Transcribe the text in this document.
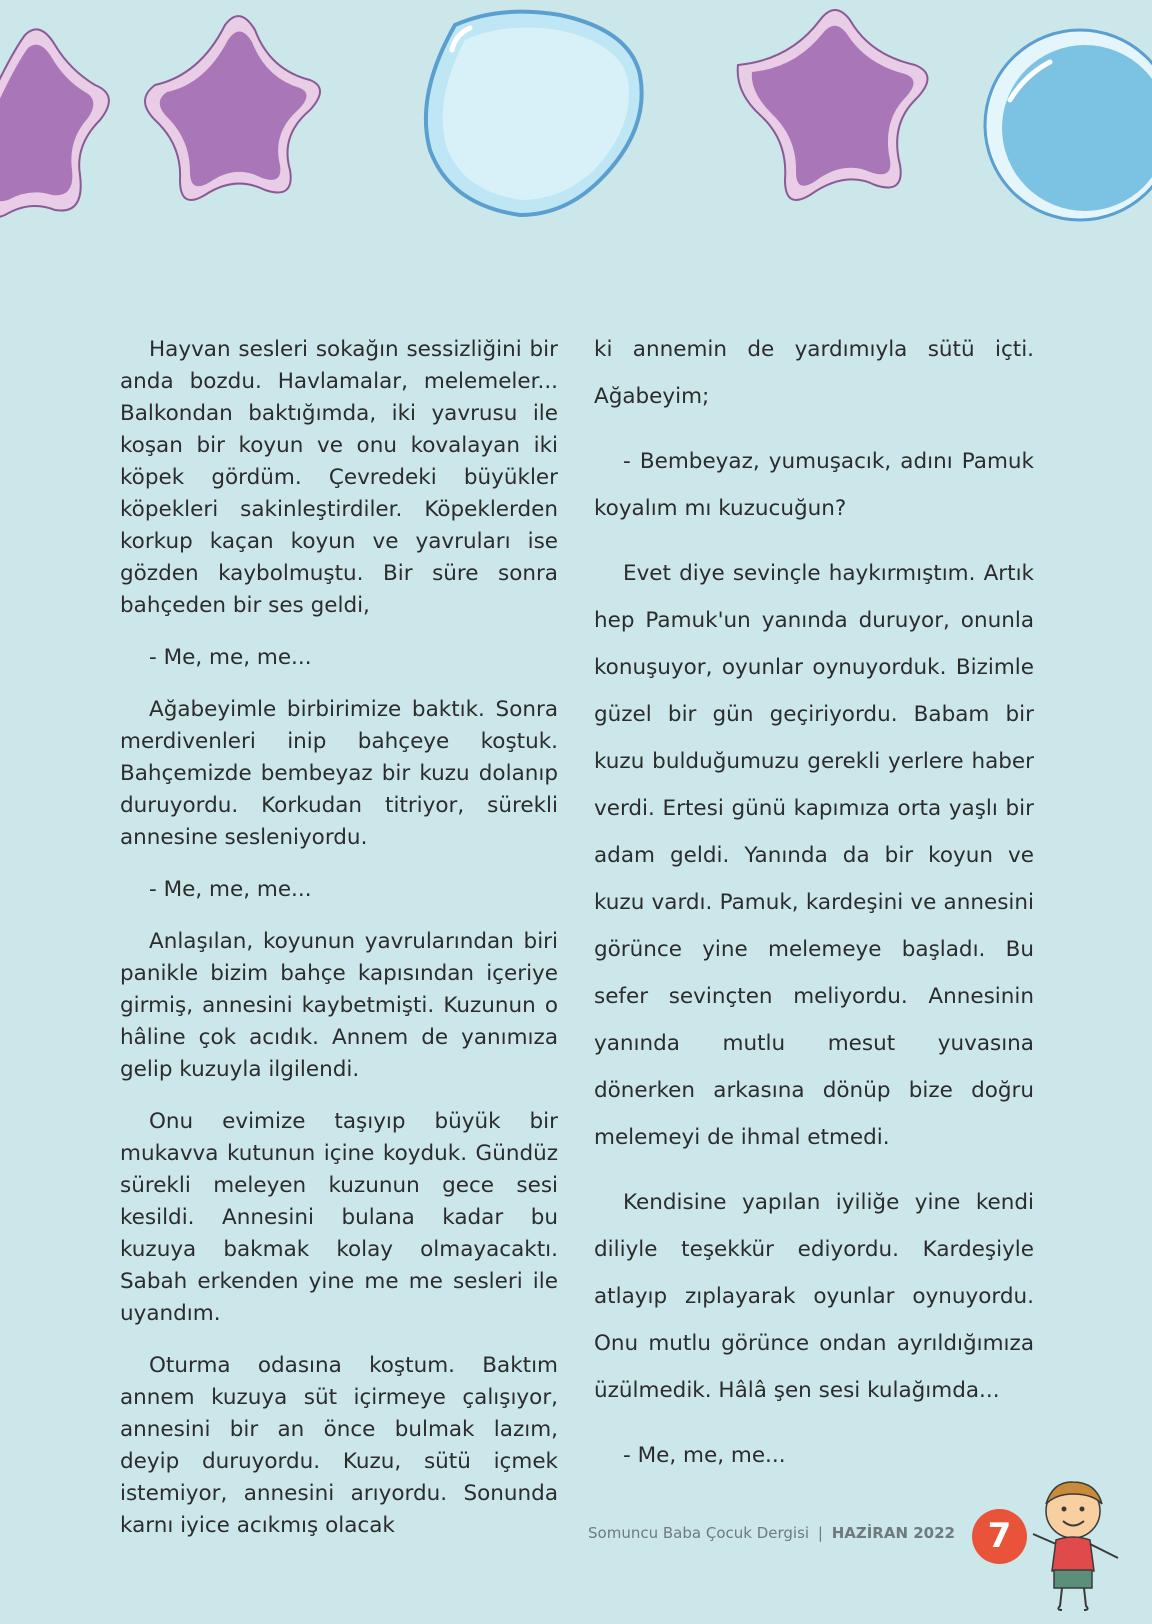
Hayvan sesleri sokağın sessizliğini bir anda bozdu. Havlamalar, melemeler... Balkondan baktığımda, iki yavrusu ile koşan bir koyun ve onu kovalayan iki köpek gördüm. Çevredeki büyükler köpekleri sakinleştirdiler. Köpeklerden korkup kaçan koyun ve yavruları ise gözden kaybolmuştu. Bir süre sonra bahçeden bir ses geldi,

- Me, me, me...

Ağabeyimle birbirimize baktık. Sonra merdivenleri inip bahçeye koştuk. Bahçemizde bembeyaz bir kuzu dolanıp duruyordu. Korkudan titriyor, sürekli annesine sesleniyordu.

- Me, me, me...

Anlaşılan, koyunun yavrularından biri panikle bizim bahçe kapısından içeriye girmiş, annesini kaybetmişti. Kuzunun o hâline çok acıdık. Annem de yanımıza gelip kuzuyla ilgilendi.

Onu evimize taşıyıp büyük bir mukavva kutunun içine koyduk. Gündüz sürekli meleyen kuzunun gece sesi kesildi. Annesini bulana kadar bu kuzuya bakmak kolay olmayacaktı. Sabah erkenden yine me me sesleri ile uyandım.

Oturma odasına koştum. Baktım annem kuzuya süt içirmeye çalışıyor, annesini bir an önce bulmak lazım, deyip duruyordu. Kuzu, sütü içmek istemiyor, annesini arıyordu. Sonunda karnı iyice acıkmış olacak

ki annemin de yardımıyla sütü içti. Ağabeyim;

- Bembeyaz, yumuşacık, adını Pamuk koyalım mı kuzucuğun?

Evet diye sevinçle haykırmıştım. Artık hep Pamuk'un yanında duruyor, onunla konuşuyor, oyunlar oynuyorduk. Bizimle güzel bir gün geçiriyordu. Babam bir kuzu bulduğumuzu gerekli yerlere haber verdi. Ertesi günü kapımıza orta yaşlı bir adam geldi. Yanında da bir koyun ve kuzu vardı. Pamuk, kardeşini ve annesini görünce yine melemeye başladı. Bu sefer sevinçten meliyordu. Annesinin yanında mutlu mesut yuvasına dönerken arkasına dönüp bize doğru melemeyi de ihmal etmedi.

Kendisine yapılan iyiliğe yine kendi diliyle teşekkür ediyordu. Kardeşiyle atlayıp zıplayarak oyunlar oynuyordu. Onu mutlu görünce ondan ayrıldığımıza üzülmedik. Hâlâ şen sesi kulağımda...

- Me, me, me...

Somuncu Baba Çocuk Dergisi | HAZİRAN 2022 7
